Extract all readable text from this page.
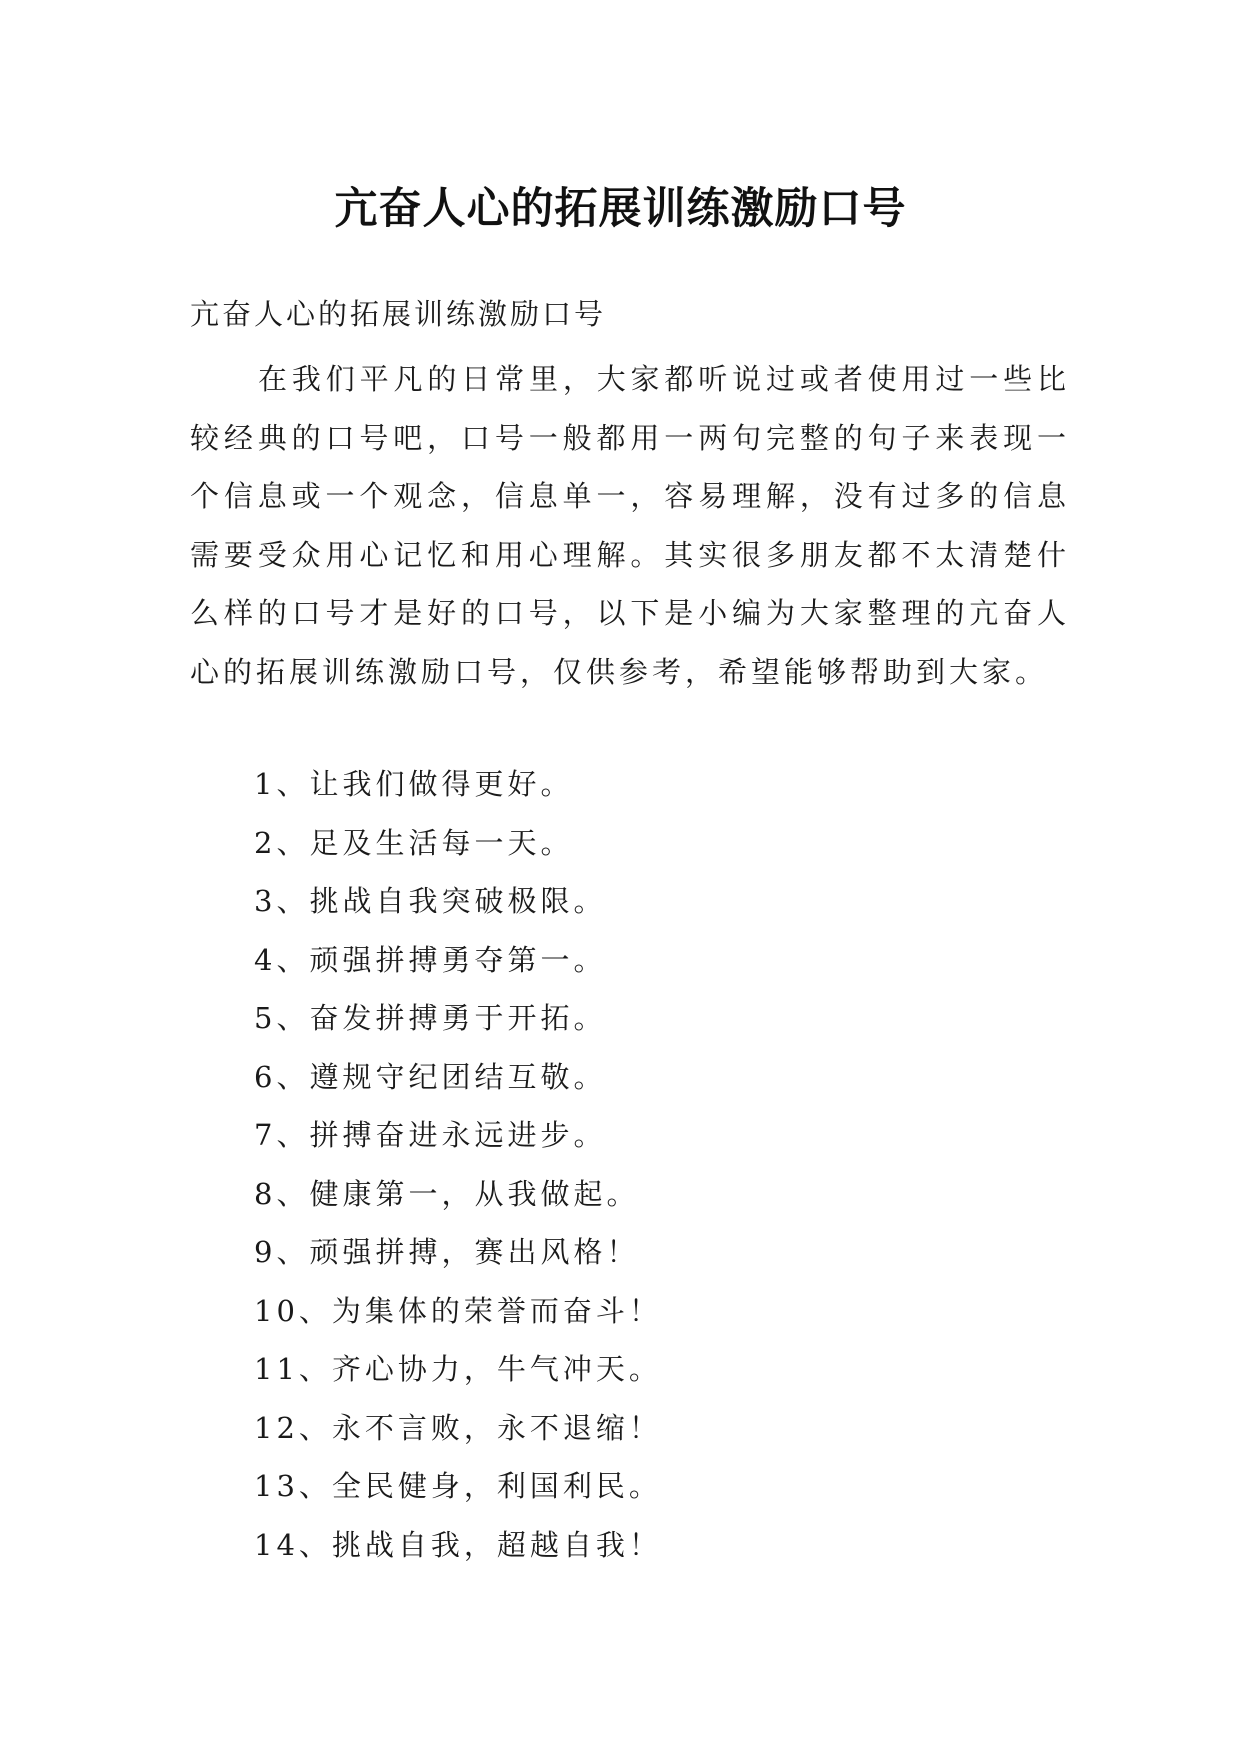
亢奋人心的拓展训练激励口号
亢奋人心的拓展训练激励口号

在我们平凡的日常里，大家都听说过或者使用过一些比较经典的口号吧，口号一般都用一两句完整的句子来表现一个信息或一个观念，信息单一，容易理解，没有过多的信息需要受众用心记忆和用心理解。其实很多朋友都不太清楚什么样的口号才是好的口号，以下是小编为大家整理的亢奋人心的拓展训练激励口号，仅供参考，希望能够帮助到大家。

1、让我们做得更好。
2、足及生活每一天。
3、挑战自我突破极限。
4、顽强拼搏勇夺第一。
5、奋发拼搏勇于开拓。
6、遵规守纪团结互敬。
7、拼搏奋进永远进步。
8、健康第一，从我做起。
9、顽强拼搏，赛出风格！
10、为集体的荣誉而奋斗！
11、齐心协力，牛气冲天。
12、永不言败，永不退缩！
13、全民健身，利国利民。
14、挑战自我，超越自我！
